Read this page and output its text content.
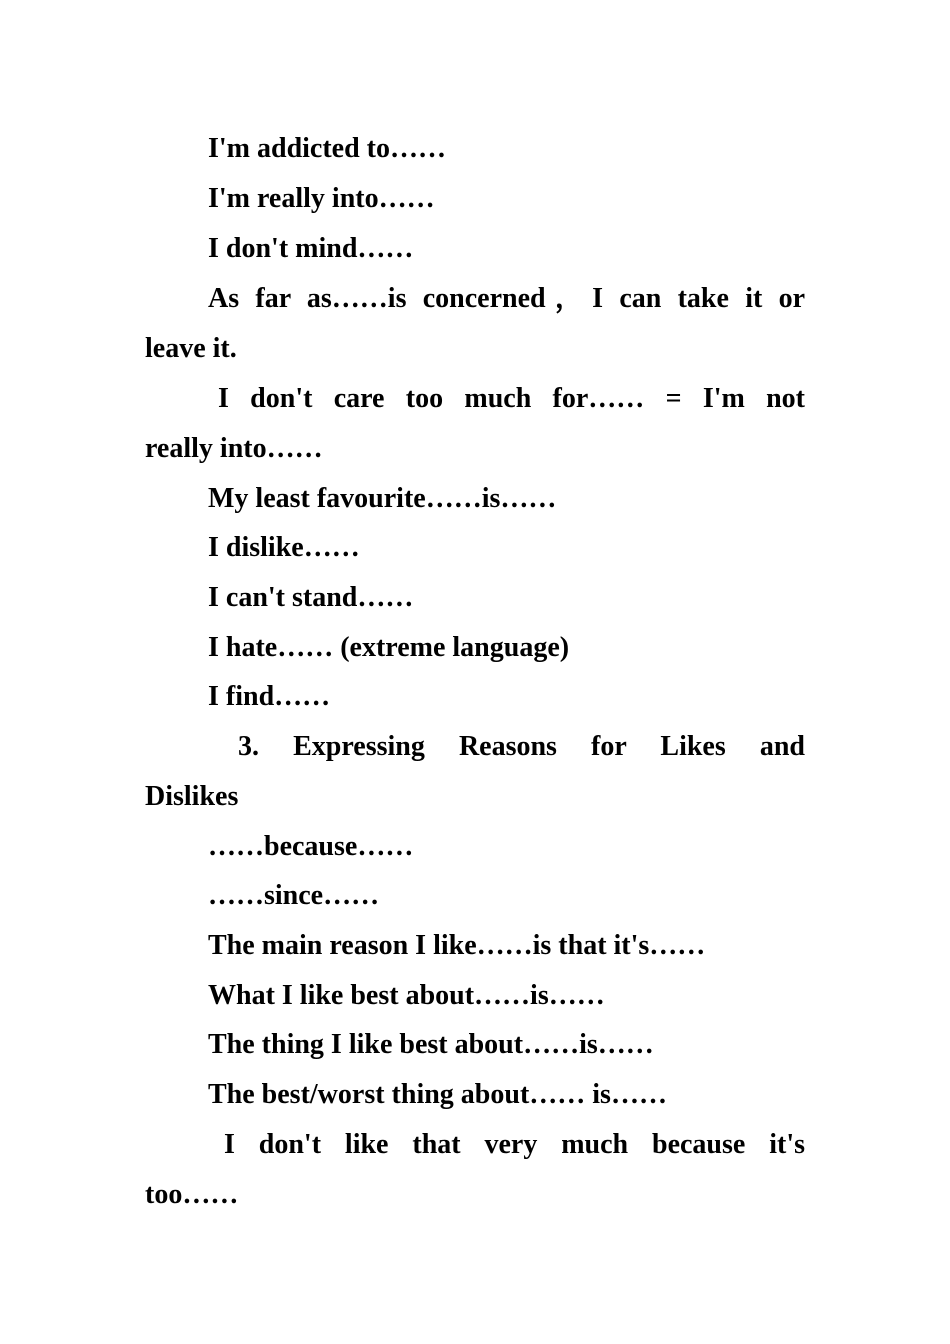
I'm addicted to……
I'm really into……
I don't mind……
As far as……is concerned，I can take it or
leave it.
I don't care too much for…… = I'm not
really into……
My least favourite……is……
I dislike……
I can't stand……
I hate…… (extreme language)
I find……
3. Expressing Reasons for Likes and
Dislikes
……because……
……since……
The main reason I like……is that it's……
What I like best about……is……
The thing I like best about……is……
The best/worst thing about…… is……
I don't like that very much because it's
too……
